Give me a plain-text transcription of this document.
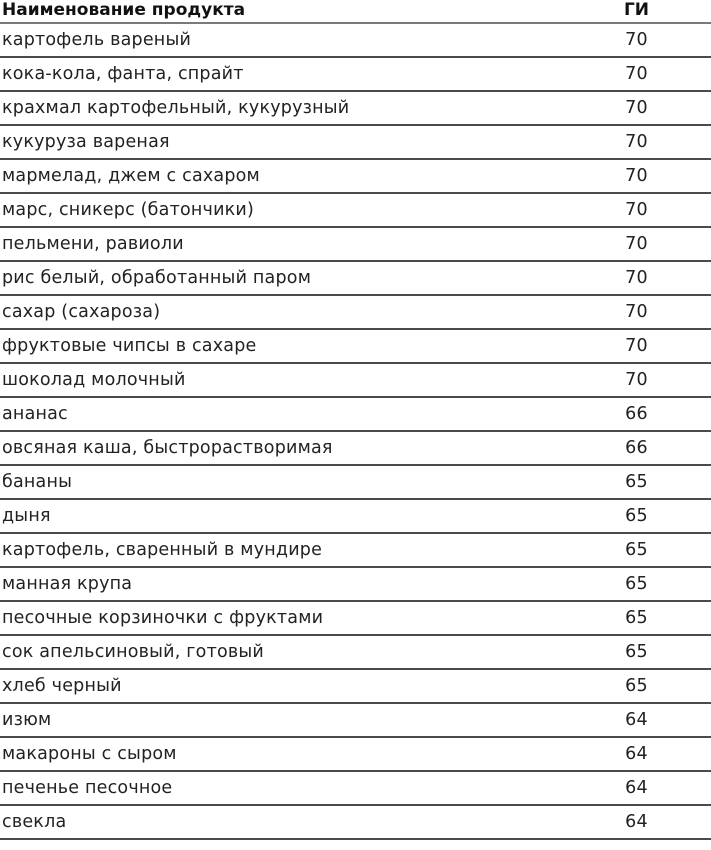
Наименование продукта	ГИ
картофель вареный	70
кока-кола, фанта, спрайт	70
крахмал картофельный, кукурузный	70
кукуруза вареная	70
мармелад, джем с сахаром	70
марс, сникерс (батончики)	70
пельмени, равиоли	70
рис белый, обработанный паром	70
сахар (сахароза)	70
фруктовые чипсы в сахаре	70
шоколад молочный	70
ананас	66
овсяная каша, быстрорастворимая	66
бананы	65
дыня	65
картофель, сваренный в мундире	65
манная крупа	65
песочные корзиночки с фруктами	65
сок апельсиновый, готовый	65
хлеб черный	65
изюм	64
макароны с сыром	64
печенье песочное	64
свекла	64
